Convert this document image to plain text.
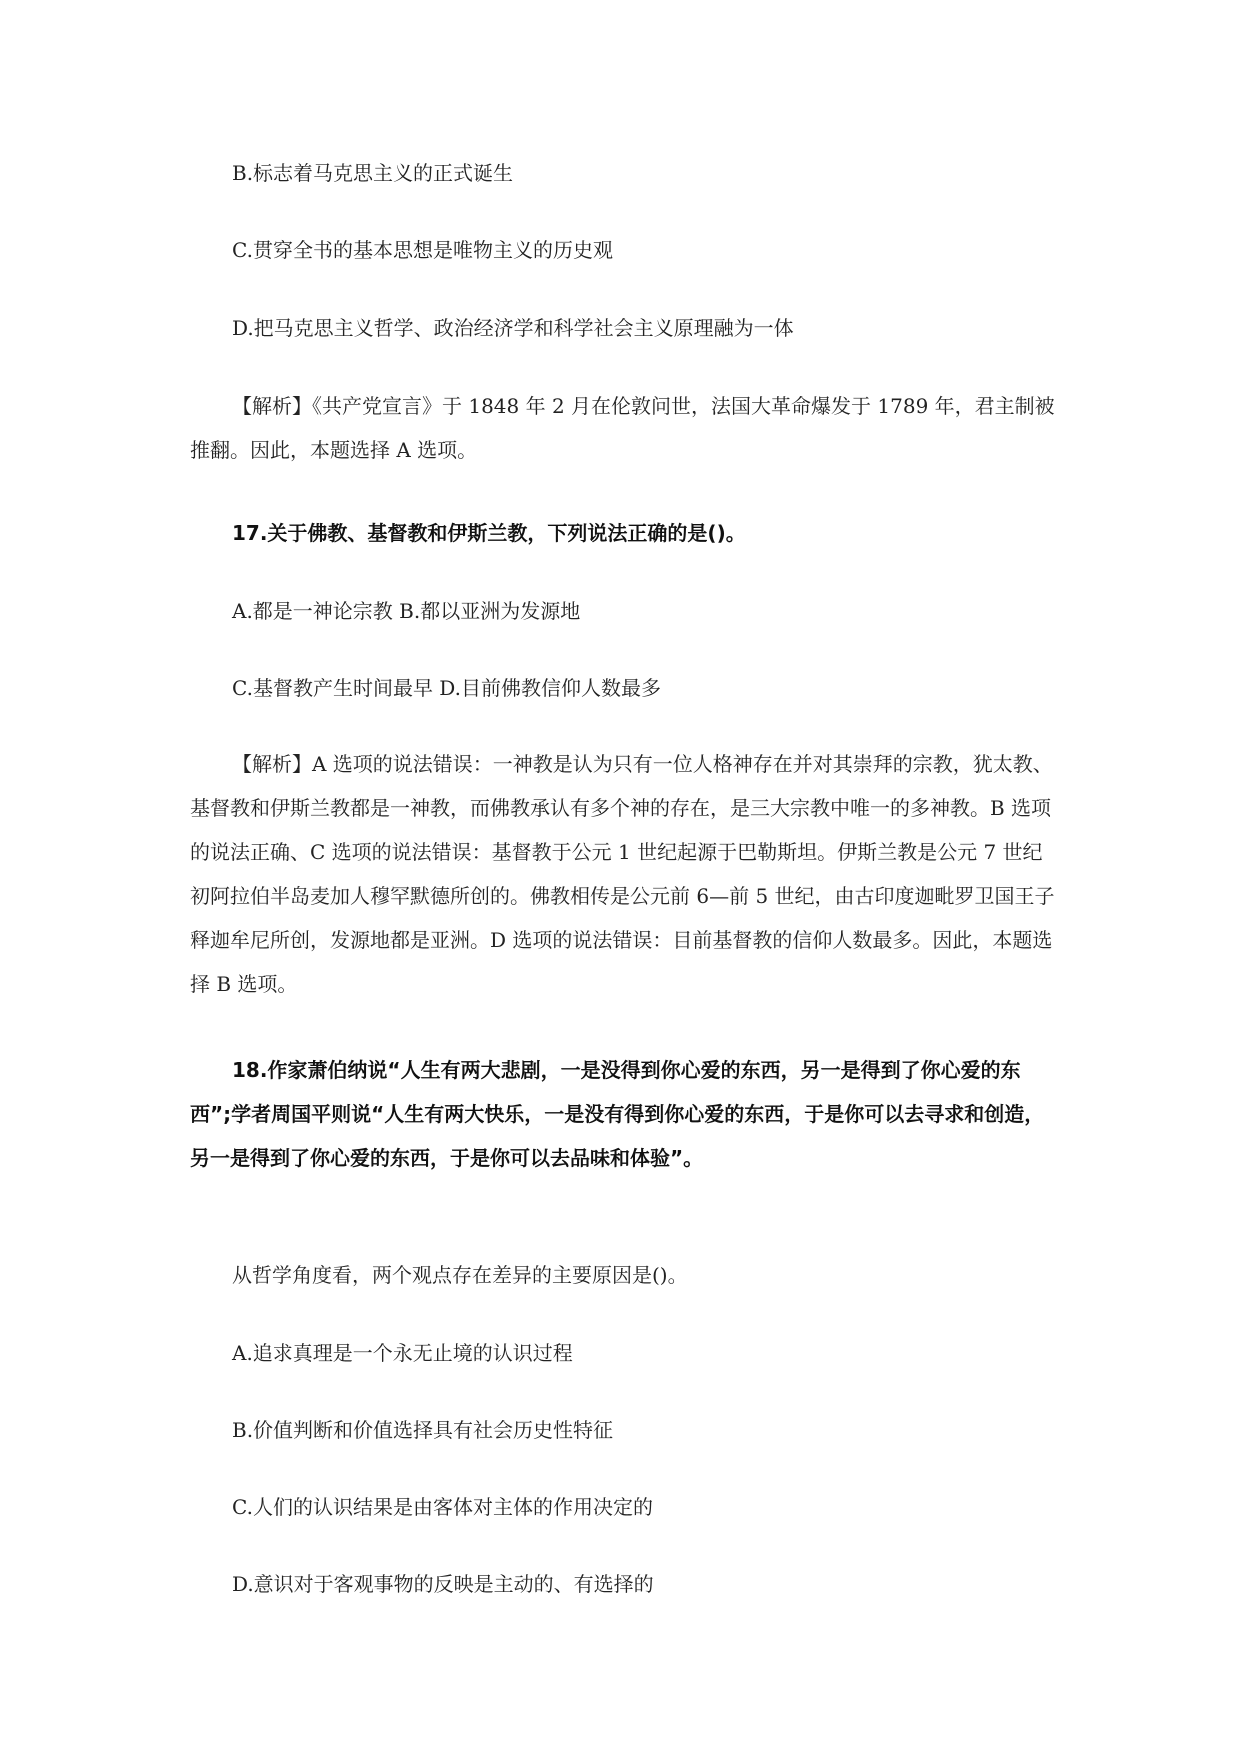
B.标志着马克思主义的正式诞生

C.贯穿全书的基本思想是唯物主义的历史观

D.把马克思主义哲学、政治经济学和科学社会主义原理融为一体

【解析】《共产党宣言》于 1848 年 2 月在伦敦问世，法国大革命爆发于 1789 年，君主制被推翻。因此，本题选择 A 选项。

17.关于佛教、基督教和伊斯兰教，下列说法正确的是()。

A.都是一神论宗教 B.都以亚洲为发源地

C.基督教产生时间最早 D.目前佛教信仰人数最多

【解析】A 选项的说法错误：一神教是认为只有一位人格神存在并对其崇拜的宗教，犹太教、基督教和伊斯兰教都是一神教，而佛教承认有多个神的存在，是三大宗教中唯一的多神教。B 选项的说法正确、C 选项的说法错误：基督教于公元 1 世纪起源于巴勒斯坦。伊斯兰教是公元 7 世纪初阿拉伯半岛麦加人穆罕默德所创的。佛教相传是公元前 6—前 5 世纪，由古印度迦毗罗卫国王子释迦牟尼所创，发源地都是亚洲。D 选项的说法错误：目前基督教的信仰人数最多。因此，本题选择 B 选项。

18.作家萧伯纳说“人生有两大悲剧，一是没得到你心爱的东西，另一是得到了你心爱的东西”;学者周国平则说“人生有两大快乐，一是没有得到你心爱的东西，于是你可以去寻求和创造，另一是得到了你心爱的东西，于是你可以去品味和体验”。

从哲学角度看，两个观点存在差异的主要原因是()。

A.追求真理是一个永无止境的认识过程

B.价值判断和价值选择具有社会历史性特征

C.人们的认识结果是由客体对主体的作用决定的

D.意识对于客观事物的反映是主动的、有选择的
